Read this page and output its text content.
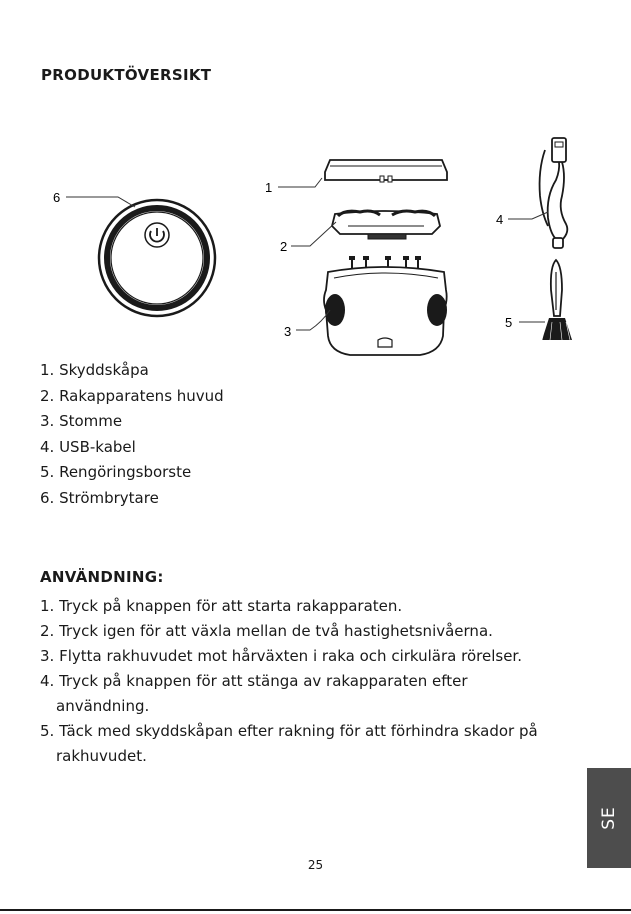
PRODUKTÖVERSIKT
1
2
3
4
5
6
1. Skyddskåpa
2. Rakapparatens huvud
3. Stomme
4. USB-kabel
5. Rengöringsborste
6. Strömbrytare
ANVÄNDNING:
1. Tryck på knappen för att starta rakapparaten.
2. Tryck igen för att växla mellan de två hastighetsnivåerna.
3. Flytta rakhuvudet mot hårväxten i raka och cirkulära rörelser.
4. Tryck på knappen för att stänga av rakapparaten efter användning.
5. Täck med skyddskåpan efter rakning för att förhindra skador på rakhuvudet.
25
SE
